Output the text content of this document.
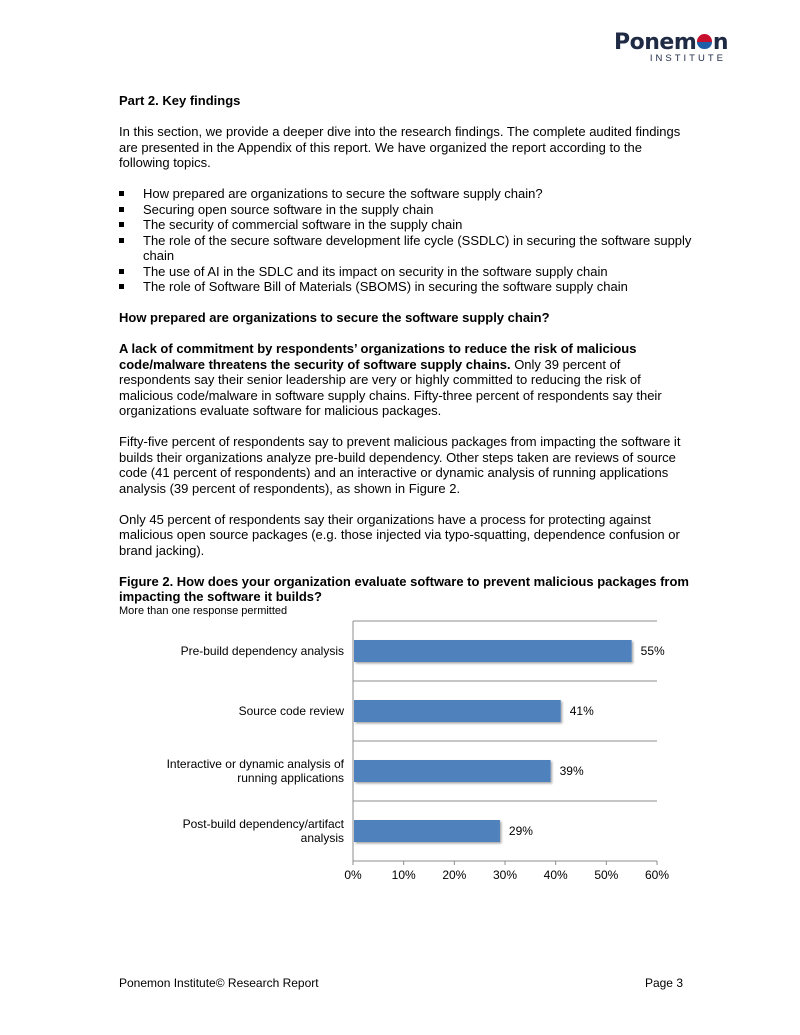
Ponem n
INSTITUTE
Part 2. Key findings

In this section, we provide a deeper dive into the research findings. The complete audited findings are presented in the Appendix of this report. We have organized the report according to the following topics.

How prepared are organizations to secure the software supply chain?
Securing open source software in the supply chain
The security of commercial software in the supply chain
The role of the secure software development life cycle (SSDLC) in securing the software supply chain
The use of AI in the SDLC and its impact on security in the software supply chain
The role of Software Bill of Materials (SBOMS) in securing the software supply chain
How prepared are organizations to secure the software supply chain?

A lack of commitment by respondents’ organizations to reduce the risk of malicious code/malware threatens the security of software supply chains. Only 39 percent of respondents say their senior leadership are very or highly committed to reducing the risk of malicious code/malware in software supply chains. Fifty-three percent of respondents say their organizations evaluate software for malicious packages.

Fifty-five percent of respondents say to prevent malicious packages from impacting the software it builds their organizations analyze pre-build dependency. Other steps taken are reviews of source code (41 percent of respondents) and an interactive or dynamic analysis of running applications analysis (39 percent of respondents), as shown in Figure 2.

Only 45 percent of respondents say their organizations have a process for protecting against malicious open source packages (e.g. those injected via typo-squatting, dependence confusion or brand jacking).

Figure 2. How does your organization evaluate software to prevent malicious packages from impacting the software it builds?
More than one response permitted
0% 10% 20% 30% 40% 50% 60%
55%
Pre-build dependency analysis
41%
Source code review
39%
Interactive or dynamic analysis of running applications
29%
Post-build dependency/artifact analysis
Ponemon Institute© Research Report	Page 3
